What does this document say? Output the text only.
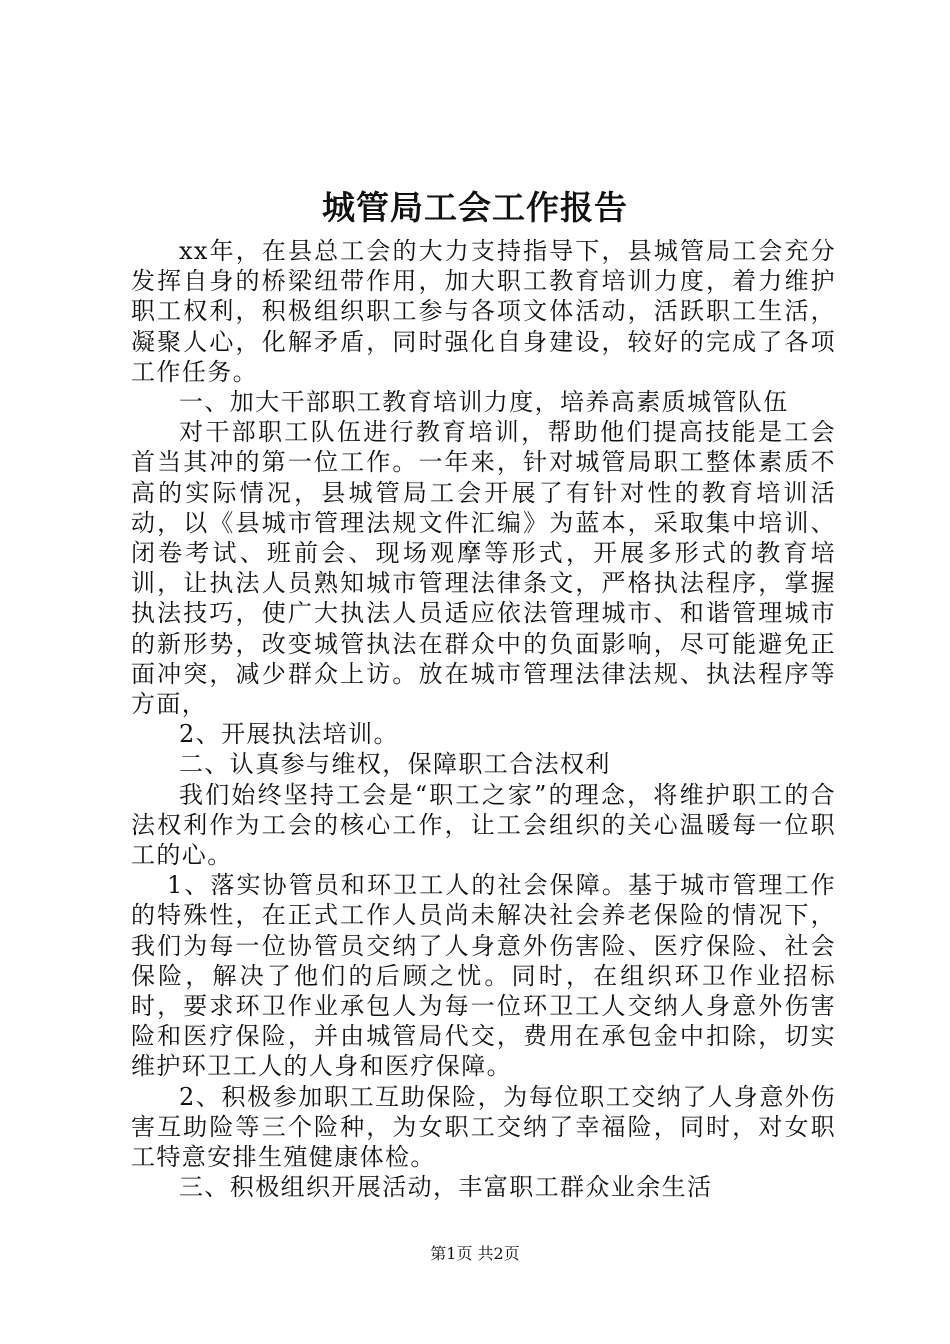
城管局工会工作报告

xx年，在县总工会的大力支持指导下，县城管局工会充分发挥自身的桥梁纽带作用，加大职工教育培训力度，着力维护职工权利，积极组织职工参与各项文体活动，活跃职工生活，凝聚人心，化解矛盾，同时强化自身建设，较好的完成了各项工作任务。

一、加大干部职工教育培训力度，培养高素质城管队伍

对干部职工队伍进行教育培训，帮助他们提高技能是工会首当其冲的第一位工作。一年来，针对城管局职工整体素质不高的实际情况，县城管局工会开展了有针对性的教育培训活动，以《县城市管理法规文件汇编》为蓝本，采取集中培训、闭卷考试、班前会、现场观摩等形式，开展多形式的教育培训，让执法人员熟知城市管理法律条文，严格执法程序，掌握执法技巧，使广大执法人员适应依法管理城市、和谐管理城市的新形势，改变城管执法在群众中的负面影响，尽可能避免正面冲突，减少群众上访。放在城市管理法律法规、执法程序等方面，

2、开展执法培训。

二、认真参与维权，保障职工合法权利

我们始终坚持工会是“职工之家”的理念，将维护职工的合法权利作为工会的核心工作，让工会组织的关心温暖每一位职工的心。

1、落实协管员和环卫工人的社会保障。基于城市管理工作的特殊性，在正式工作人员尚未解决社会养老保险的情况下，我们为每一位协管员交纳了人身意外伤害险、医疗保险、社会保险，解决了他们的后顾之忧。同时，在组织环卫作业招标时，要求环卫作业承包人为每一位环卫工人交纳人身意外伤害险和医疗保险，并由城管局代交，费用在承包金中扣除，切实维护环卫工人的人身和医疗保障。

2、积极参加职工互助保险，为每位职工交纳了人身意外伤害互助险等三个险种，为女职工交纳了幸福险，同时，对女职工特意安排生殖健康体检。

三、积极组织开展活动，丰富职工群众业余生活

第1页 共2页
